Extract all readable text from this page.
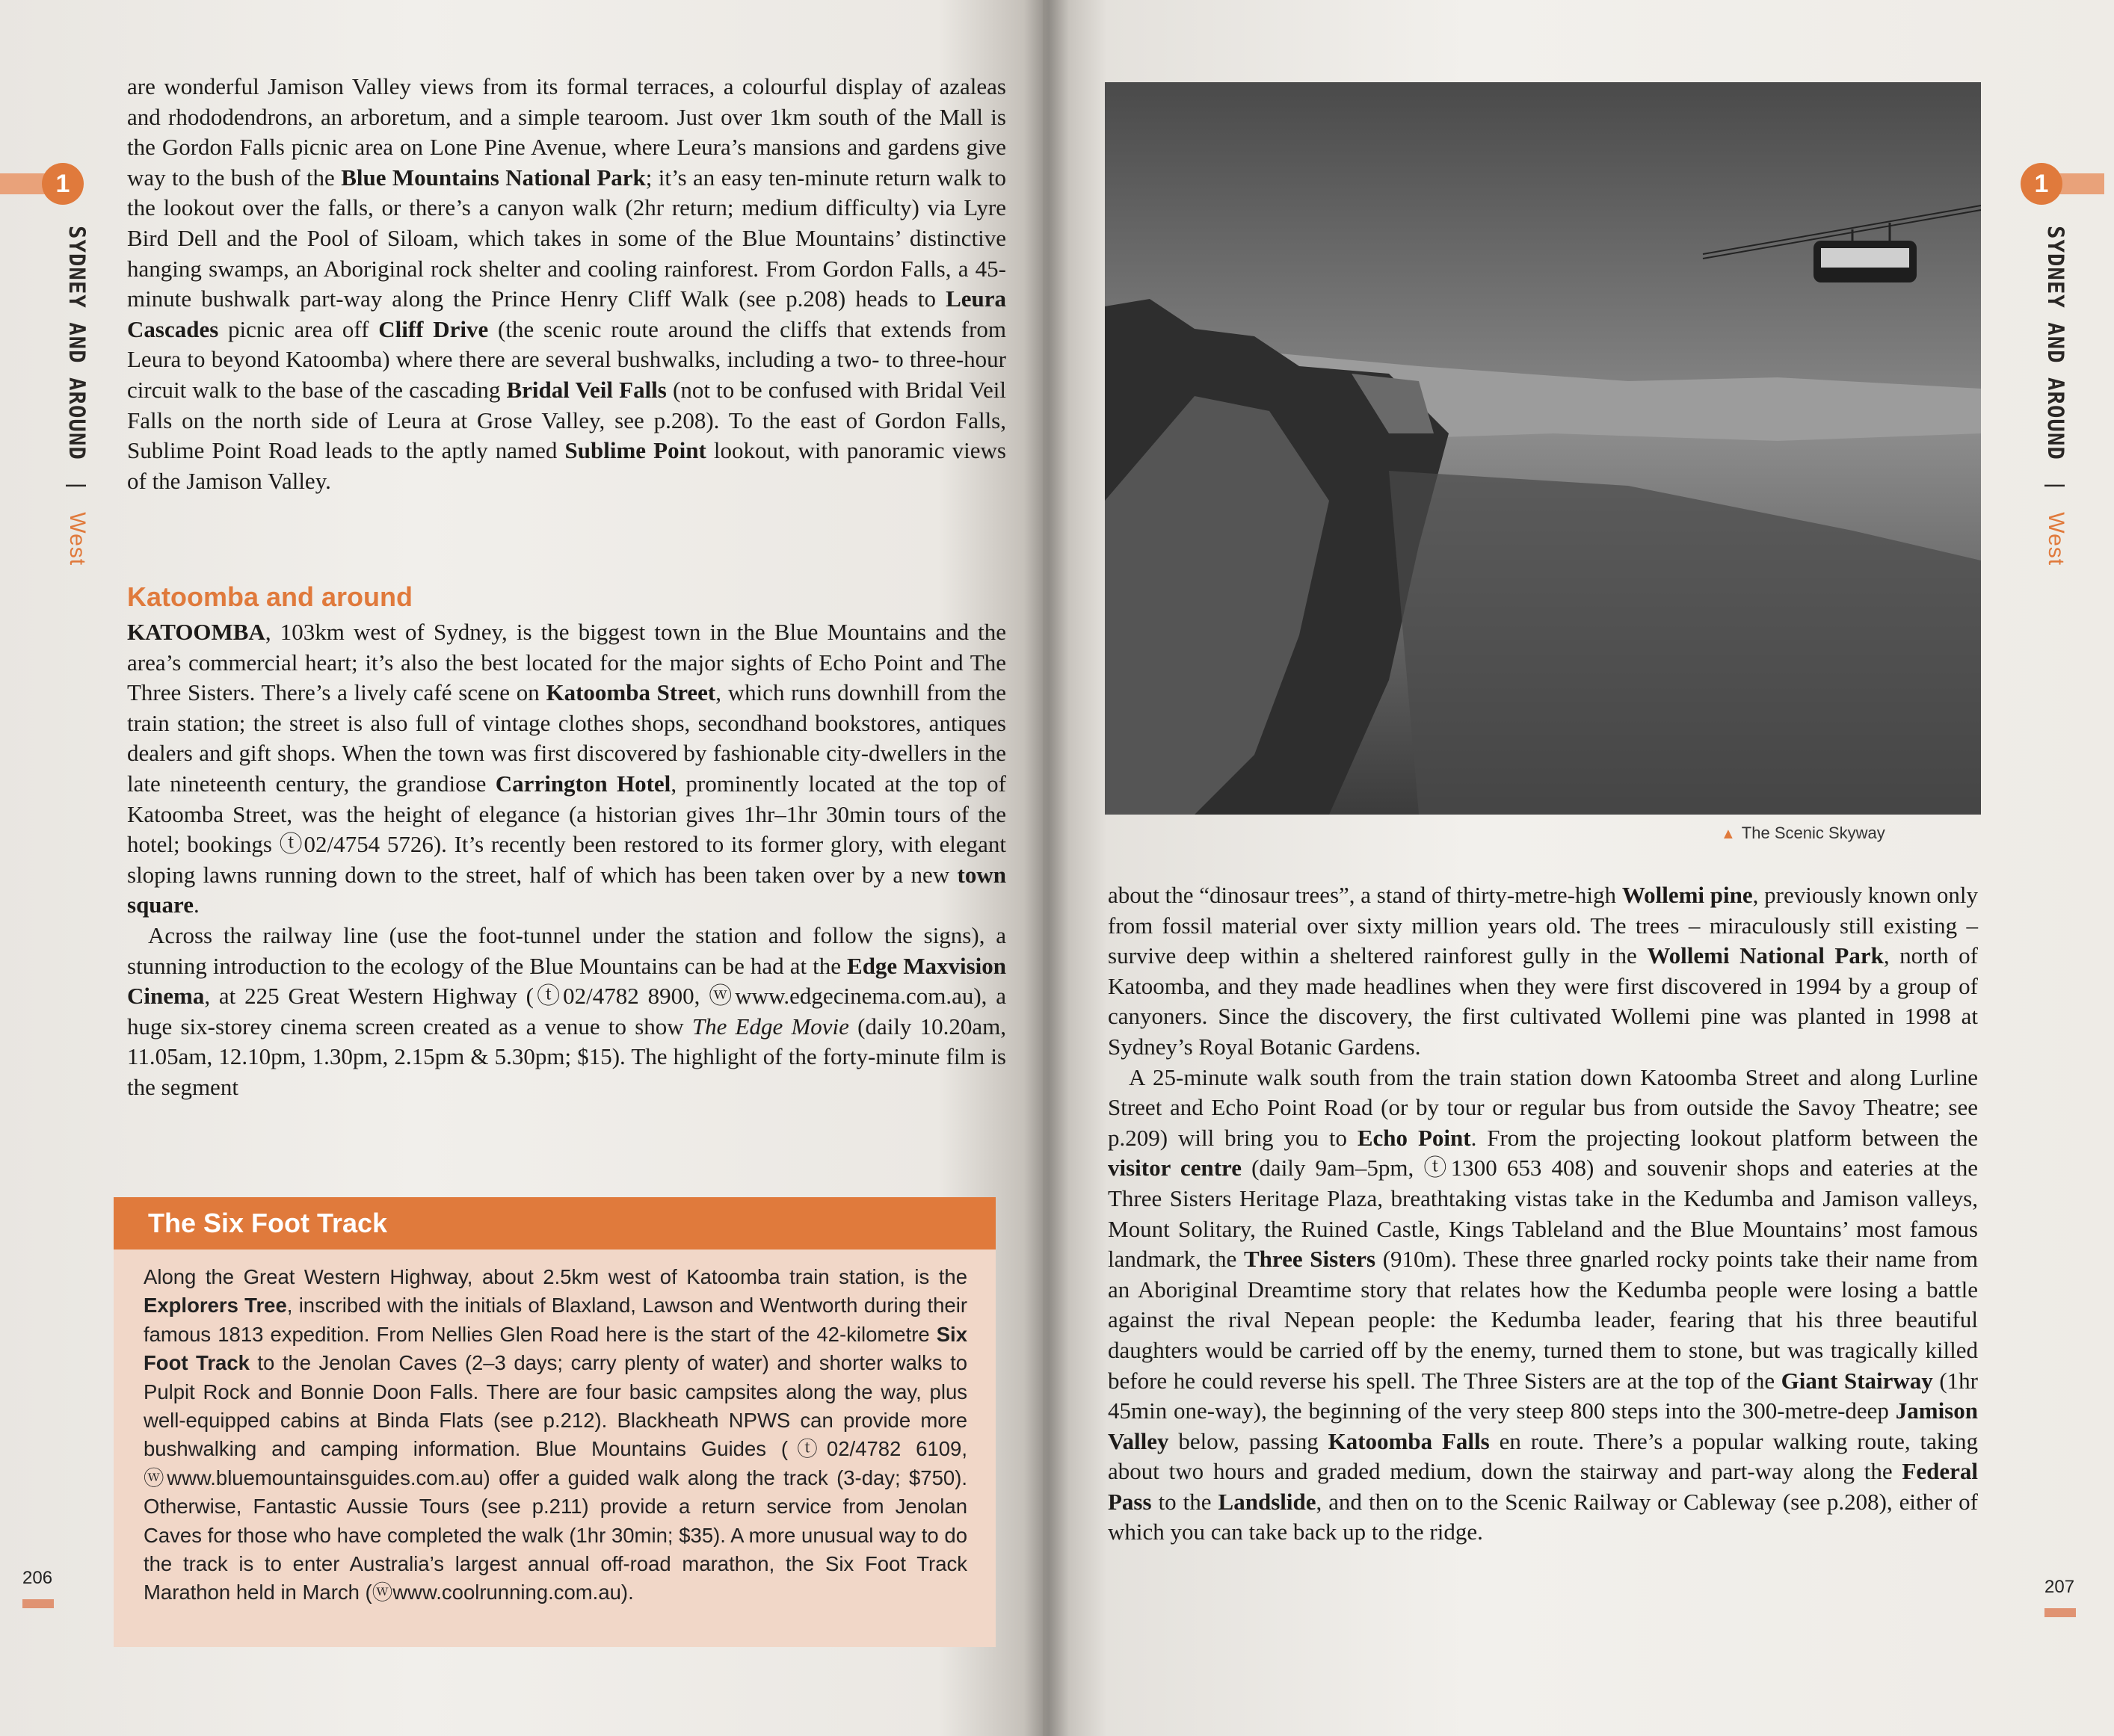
1
SYDNEY AND AROUND | West

are wonderful Jamison Valley views from its formal terraces, a colourful display of azaleas and rhododendrons, an arboretum, and a simple tearoom. Just over 1km south of the Mall is the Gordon Falls picnic area on Lone Pine Avenue, where Leura’s mansions and gardens give way to the bush of the Blue Mountains National Park; it’s an easy ten-minute return walk to the lookout over the falls, or there’s a canyon walk (2hr return; medium difficulty) via Lyre Bird Dell and the Pool of Siloam, which takes in some of the Blue Mountains’ distinctive hanging swamps, an Aboriginal rock shelter and cooling rainforest. From Gordon Falls, a 45-minute bushwalk part-way along the Prince Henry Cliff Walk (see p.208) heads to Leura Cascades picnic area off Cliff Drive (the scenic route around the cliffs that extends from Leura to beyond Katoomba) where there are several bushwalks, including a two- to three-hour circuit walk to the base of the cascading Bridal Veil Falls (not to be confused with Bridal Veil Falls on the north side of Leura at Grose Valley, see p.208). To the east of Gordon Falls, Sublime Point Road leads to the aptly named Sublime Point lookout, with panoramic views of the Jamison Valley.

Katoomba and around

KATOOMBA, 103km west of Sydney, is the biggest town in the Blue Mountains and the area’s commercial heart; it’s also the best located for the major sights of Echo Point and The Three Sisters. There’s a lively café scene on Katoomba Street, which runs downhill from the train station; the street is also full of vintage clothes shops, secondhand bookstores, antiques dealers and gift shops. When the town was first discovered by fashionable city-dwellers in the late nineteenth century, the grandiose Carrington Hotel, prominently located at the top of Katoomba Street, was the height of elegance (a historian gives 1hr–1hr 30min tours of the hotel; bookings ⓣ02/4754 5726). It’s recently been restored to its former glory, with elegant sloping lawns running down to the street, half of which has been taken over by a new town square.

Across the railway line (use the foot-tunnel under the station and follow the signs), a stunning introduction to the ecology of the Blue Mountains can be had at the Edge Maxvision Cinema, at 225 Great Western Highway (ⓣ02/4782 8900, ⓦwww.edgecinema.com.au), a huge six-storey cinema screen created as a venue to show The Edge Movie (daily 10.20am, 11.05am, 12.10pm, 1.30pm, 2.15pm & 5.30pm; $15). The highlight of the forty-minute film is the segment

The Six Foot Track
Along the Great Western Highway, about 2.5km west of Katoomba train station, is the Explorers Tree, inscribed with the initials of Blaxland, Lawson and Wentworth during their famous 1813 expedition. From Nellies Glen Road here is the start of the 42-kilometre Six Foot Track to the Jenolan Caves (2–3 days; carry plenty of water) and shorter walks to Pulpit Rock and Bonnie Doon Falls. There are four basic campsites along the way, plus well-equipped cabins at Binda Flats (see p.212). Blackheath NPWS can provide more bushwalking and camping information. Blue Mountains Guides (ⓣ02/4782 6109, ⓦwww.bluemountainsguides.com.au) offer a guided walk along the track (3-day; $750). Otherwise, Fantastic Aussie Tours (see p.211) provide a return service from Jenolan Caves for those who have completed the walk (1hr 30min; $35). A more unusual way to do the track is to enter Australia’s largest annual off-road marathon, the Six Foot Track Marathon held in March (ⓦwww.coolrunning.com.au).
206
1
SYDNEY AND AROUND | West
207
▲ The Scenic Skyway

about the “dinosaur trees”, a stand of thirty-metre-high Wollemi pine, previously known only from fossil material over sixty million years old. The trees – miraculously still existing – survive deep within a sheltered rainforest gully in the Wollemi National Park, north of Katoomba, and they made headlines when they were first discovered in 1994 by a group of canyoners. Since the discovery, the first cultivated Wollemi pine was planted in 1998 at Sydney’s Royal Botanic Gardens.

A 25-minute walk south from the train station down Katoomba Street and along Lurline Street and Echo Point Road (or by tour or regular bus from outside the Savoy Theatre; see p.209) will bring you to Echo Point. From the projecting lookout platform between the visitor centre (daily 9am–5pm, ⓣ1300 653 408) and souvenir shops and eateries at the Three Sisters Heritage Plaza, breathtaking vistas take in the Kedumba and Jamison valleys, Mount Solitary, the Ruined Castle, Kings Tableland and the Blue Mountains’ most famous landmark, the Three Sisters (910m). These three gnarled rocky points take their name from an Aboriginal Dreamtime story that relates how the Kedumba people were losing a battle against the rival Nepean people: the Kedumba leader, fearing that his three beautiful daughters would be carried off by the enemy, turned them to stone, but was tragically killed before he could reverse his spell. The Three Sisters are at the top of the Giant Stairway (1hr 45min one-way), the beginning of the very steep 800 steps into the 300-metre-deep Jamison Valley below, passing Katoomba Falls en route. There’s a popular walking route, taking about two hours and graded medium, down the stairway and part-way along the Federal Pass to the Landslide, and then on to the Scenic Railway or Cableway (see p.208), either of which you can take back up to the ridge.
